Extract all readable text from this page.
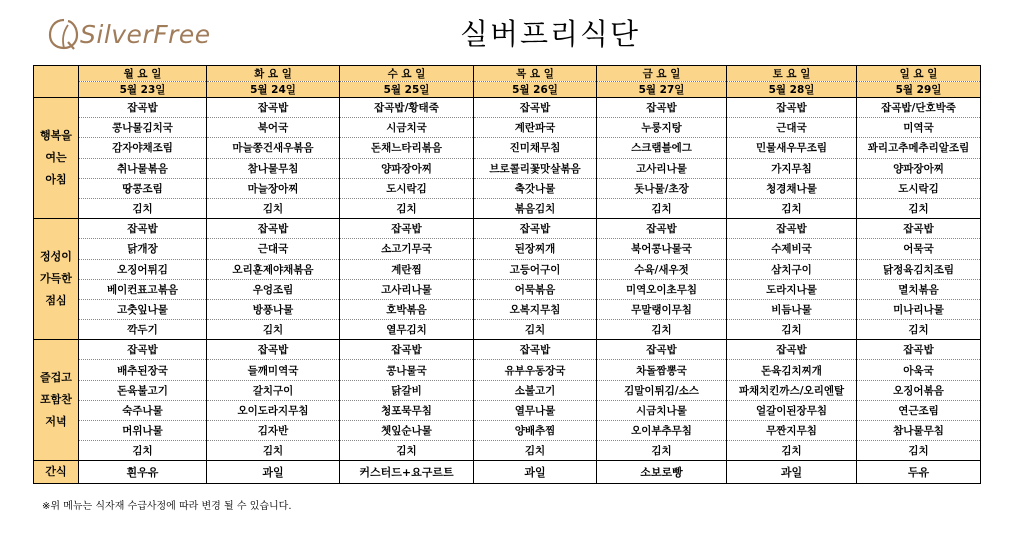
SilverFree	실버프리식단
	월 요 일	화 요 일	수 요 일	목 요 일	금 요 일	토 요 일	일 요 일
	5월 23일	5월 24일	5월 25일	5월 26일	5월 27일	5월 28일	5월 29일

행복을
여는
아침	잡곡밥	잡곡밥	잡곡밥/황태죽	잡곡밥	잡곡밥	잡곡밥	잡곡밥/단호박죽
	콩나물김치국	북어국	시금치국	계란파국	누룽지탕	근대국	미역국
	감자야채조림	마늘쫑건새우볶음	돈채느타리볶음	진미채무침	스크램블에그	민물새우무조림	꽈리고추메추리알조림
	취나물볶음	참나물무침	양파장아찌	브로콜리꽃맛살볶음	고사리나물	가지무침	양파장아찌
	땅콩조림	마늘장아찌	도시락김	축갓나물	돗나물/초장	청경채나물	도시락김
	김치	김치	김치	볶음김치	김치	김치	김치

정성이
가득한
점심	잡곡밥	잡곡밥	잡곡밥	잡곡밥	잡곡밥	잡곡밥	잡곡밥
	닭개장	근대국	소고기무국	된장찌개	북어콩나물국	수제비국	어묵국
	오징어튀김	오리훈제야채볶음	계란찜	고등어구이	수육/새우젓	삼치구이	닭정육김치조림
	베이컨표고볶음	우엉조림	고사리나물	어묵볶음	미역오이초무침	도라지나물	멸치볶음
	고춧잎나물	방풍나물	호박볶음	오복지무침	무말랭이무침	비듬나물	미나리나물
	깍두기	김치	열무김치	김치	김치	김치	김치

즐겁고
포함찬
저녁	잡곡밥	잡곡밥	잡곡밥	잡곡밥	잡곡밥	잡곡밥	잡곡밥
	배추된장국	들깨미역국	콩나물국	유부우동장국	차돌짬뽕국	돈육김치찌개	아욱국
	돈육불고기	갈치구이	닭갈비	소불고기	김말이튀김/소스	파채치킨까스/오리엔탈	오징어볶음
	숙주나물	오이도라지무침	청포묵무침	열무나물	시금치나물	얼갈이된장무침	연근조림
	머위나물	김자반	쳇잎순나물	양배추찜	오이부추무침	무짠지무침	참나물무침
	김치	김치	김치	김치	김치	김치	김치
간식	흰우유	과일	커스터드+요구르트	과일	소보로빵	과일	두유
※위 메뉴는 식자재 수급사정에 따라 변경 될 수 있습니다.
